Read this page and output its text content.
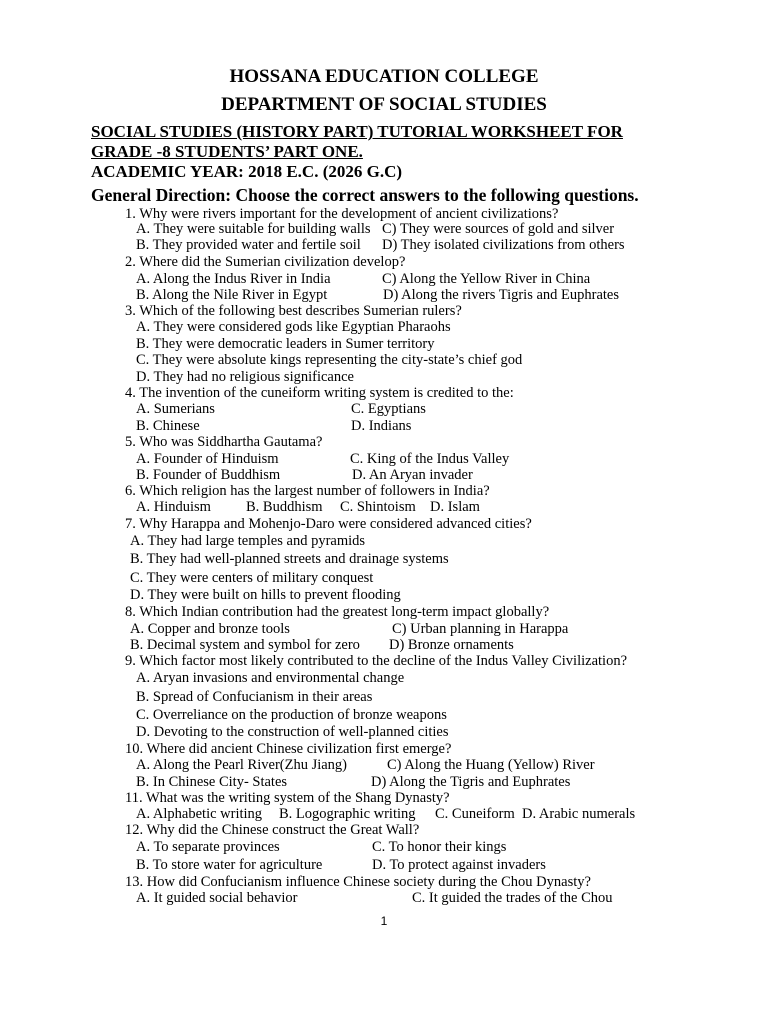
HOSSANA EDUCATION COLLEGE
DEPARTMENT OF SOCIAL STUDIES
SOCIAL STUDIES (HISTORY PART) TUTORIAL WORKSHEET FOR
GRADE -8 STUDENTS’ PART ONE.
ACADEMIC YEAR: 2018 E.C. (2026 G.C)
General Direction: Choose the correct answers to the following questions.
1. Why were rivers important for the development of ancient civilizations?
A. They were suitable for building walls C) They were sources of gold and silver
B. They provided water and fertile soil D) They isolated civilizations from others
2. Where did the Sumerian civilization develop?
A. Along the Indus River in India	C) Along the Yellow River in China
B. Along the Nile River in Egypt	D) Along the rivers Tigris and Euphrates
3. Which of the following best describes Sumerian rulers?
A. They were considered gods like Egyptian Pharaohs
B. They were democratic leaders in Sumer territory
C. They were absolute kings representing the city-state’s chief god
D. They had no religious significance
4. The invention of the cuneiform writing system is credited to the:
A. Sumerians	C. Egyptians
B. Chinese	D. Indians
5. Who was Siddhartha Gautama?
A. Founder of Hinduism	C. King of the Indus Valley
B. Founder of Buddhism	D. An Aryan invader
6. Which religion has the largest number of followers in India?
A. Hinduism B. Buddhism C. Shintoism D. Islam
7. Why Harappa and Mohenjo-Daro were considered advanced cities?
A. They had large temples and pyramids
B. They had well-planned streets and drainage systems
C. They were centers of military conquest
D. They were built on hills to prevent flooding
8. Which Indian contribution had the greatest long-term impact globally?
A. Copper and bronze tools	C) Urban planning in Harappa
B. Decimal system and symbol for zero D) Bronze ornaments
9. Which factor most likely contributed to the decline of the Indus Valley Civilization?
A. Aryan invasions and environmental change
B. Spread of Confucianism in their areas
C. Overreliance on the production of bronze weapons
D. Devoting to the construction of well-planned cities
10. Where did ancient Chinese civilization first emerge?
A. Along the Pearl River(Zhu Jiang)	C) Along the Huang (Yellow) River
B. In Chinese City- States	D) Along the Tigris and Euphrates
11. What was the writing system of the Shang Dynasty?
A. Alphabetic writing B. Logographic writing C. Cuneiform D. Arabic numerals
12. Why did the Chinese construct the Great Wall?
A. To separate provinces	C. To honor their kings
B. To store water for agriculture	D. To protect against invaders
13. How did Confucianism influence Chinese society during the Chou Dynasty?
A. It guided social behavior	C. It guided the trades of the Chou
1
